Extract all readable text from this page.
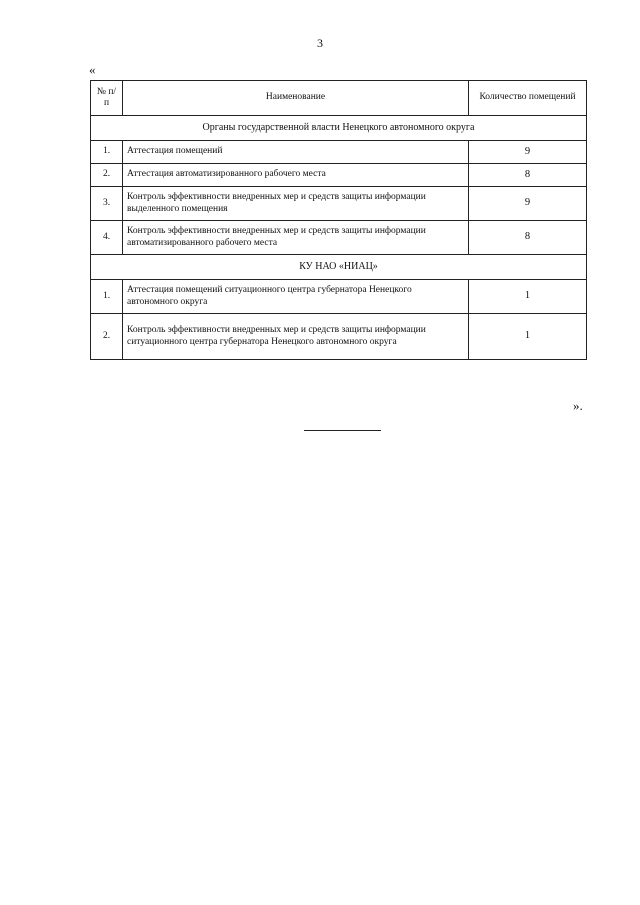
3
«
№ п/п	Наименование	Количество помещений
Органы государственной власти Ненецкого автономного округа		
1.	Аттестация помещений	9
2.	Аттестация автоматизированного рабочего места	8
3.	Контроль эффективности внедренных мер и средств защиты информации выделенного помещения	9
4.	Контроль эффективности внедренных мер и средств защиты информации автоматизированного рабочего места	8
КУ НАО «НИАЦ»		
1.	Аттестация помещений ситуационного центра губернатора Ненецкого автономного округа	1
2.	Контроль эффективности внедренных мер и средств защиты информации ситуационного центра губернатора Ненецкого автономного округа	1
».
